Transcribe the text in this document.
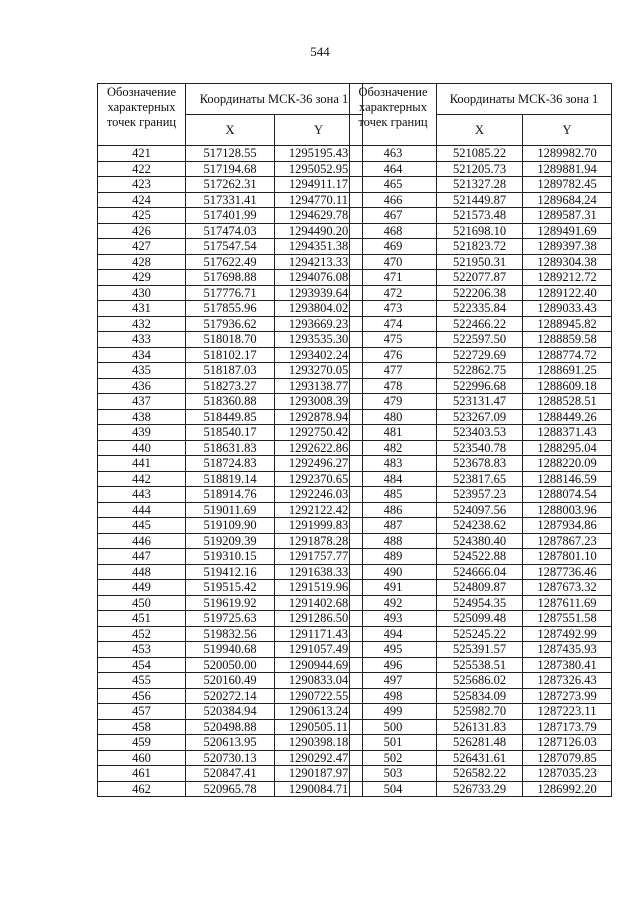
544
Обозначение характерных точек границ	Координаты МСК-36 зона 1	
	X	Y
421	517128.55	1295195.43
422	517194.68	1295052.95
423	517262.31	1294911.17
424	517331.41	1294770.11
425	517401.99	1294629.78
426	517474.03	1294490.20
427	517547.54	1294351.38
428	517622.49	1294213.33
429	517698.88	1294076.08
430	517776.71	1293939.64
431	517855.96	1293804.02
432	517936.62	1293669.23
433	518018.70	1293535.30
434	518102.17	1293402.24
435	518187.03	1293270.05
436	518273.27	1293138.77
437	518360.88	1293008.39
438	518449.85	1292878.94
439	518540.17	1292750.42
440	518631.83	1292622.86
441	518724.83	1292496.27
442	518819.14	1292370.65
443	518914.76	1292246.03
444	519011.69	1292122.42
445	519109.90	1291999.83
446	519209.39	1291878.28
447	519310.15	1291757.77
448	519412.16	1291638.33
449	519515.42	1291519.96
450	519619.92	1291402.68
451	519725.63	1291286.50
452	519832.56	1291171.43
453	519940.68	1291057.49
454	520050.00	1290944.69
455	520160.49	1290833.04
456	520272.14	1290722.55
457	520384.94	1290613.24
458	520498.88	1290505.11
459	520613.95	1290398.18
460	520730.13	1290292.47
461	520847.41	1290187.97
462	520965.78	1290084.71
Обозначение характерных точек границ	Координаты МСК-36 зона 1	
	X	Y
463	521085.22	1289982.70
464	521205.73	1289881.94
465	521327.28	1289782.45
466	521449.87	1289684.24
467	521573.48	1289587.31
468	521698.10	1289491.69
469	521823.72	1289397.38
470	521950.31	1289304.38
471	522077.87	1289212.72
472	522206.38	1289122.40
473	522335.84	1289033.43
474	522466.22	1288945.82
475	522597.50	1288859.58
476	522729.69	1288774.72
477	522862.75	1288691.25
478	522996.68	1288609.18
479	523131.47	1288528.51
480	523267.09	1288449.26
481	523403.53	1288371.43
482	523540.78	1288295.04
483	523678.83	1288220.09
484	523817.65	1288146.59
485	523957.23	1288074.54
486	524097.56	1288003.96
487	524238.62	1287934.86
488	524380.40	1287867.23
489	524522.88	1287801.10
490	524666.04	1287736.46
491	524809.87	1287673.32
492	524954.35	1287611.69
493	525099.48	1287551.58
494	525245.22	1287492.99
495	525391.57	1287435.93
496	525538.51	1287380.41
497	525686.02	1287326.43
498	525834.09	1287273.99
499	525982.70	1287223.11
500	526131.83	1287173.79
501	526281.48	1287126.03
502	526431.61	1287079.85
503	526582.22	1287035.23
504	526733.29	1286992.20
